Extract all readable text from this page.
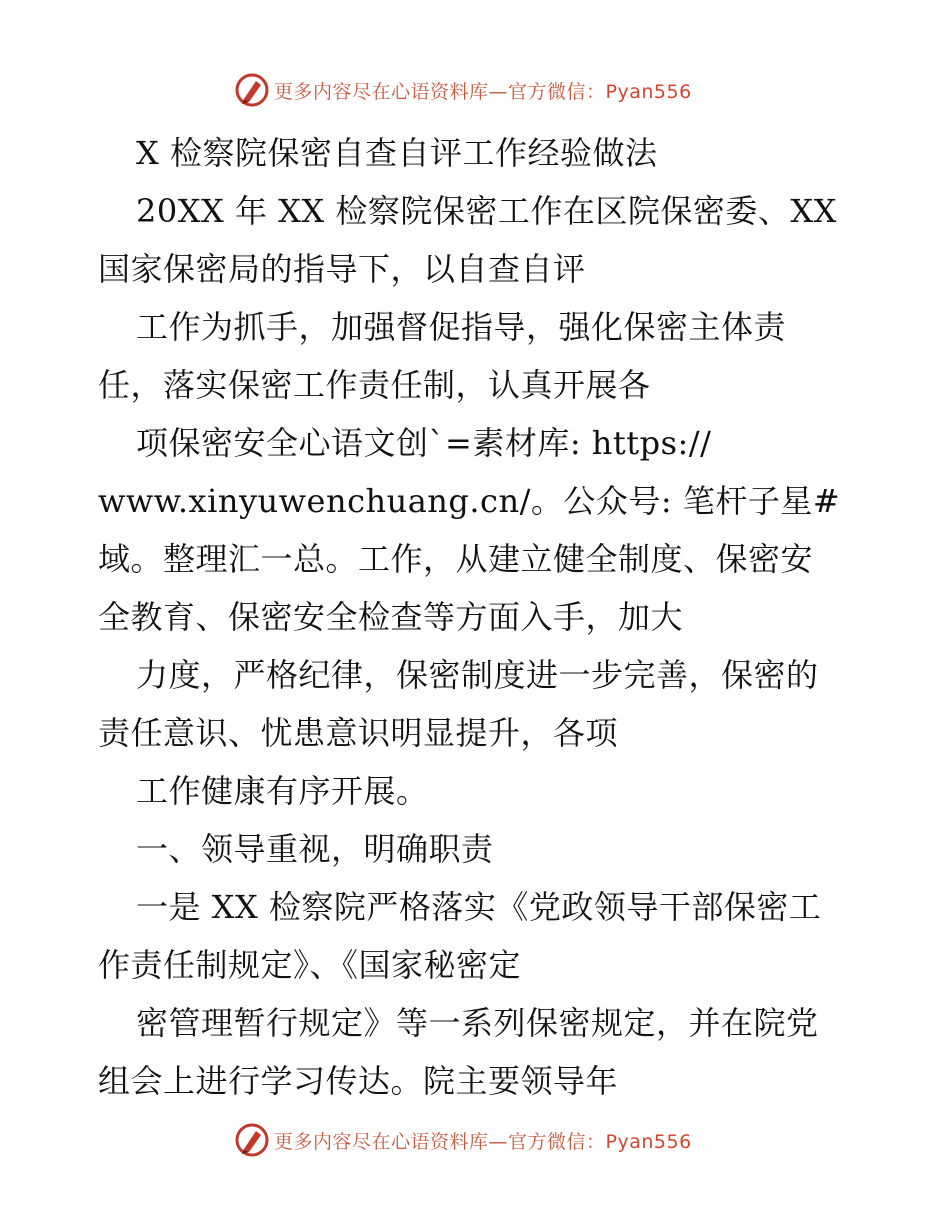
更多内容尽在心语资料库—官方微信：Pyan556
X 检察院保密自查自评工作经验做法
20XX 年 XX 检察院保密工作在区院保密委、XX
国家保密局的指导下，以自查自评
工作为抓手，加强督促指导，强化保密主体责
任，落实保密工作责任制，认真开展各
项保密安全心语文创`=素材库: https://
www.xinyuwenchuang.cn/。公众号: 笔杆子星#
域。整理汇一总。工作，从建立健全制度、保密安
全教育、保密安全检查等方面入手，加大
力度，严格纪律，保密制度进一步完善，保密的
责任意识、忧患意识明显提升，各项
工作健康有序开展。
一、领导重视，明确职责
一是 XX 检察院严格落实《党政领导干部保密工
作责任制规定》、《国家秘密定
密管理暂行规定》等一系列保密规定，并在院党
组会上进行学习传达。院主要领导年
更多内容尽在心语资料库—官方微信：Pyan556
